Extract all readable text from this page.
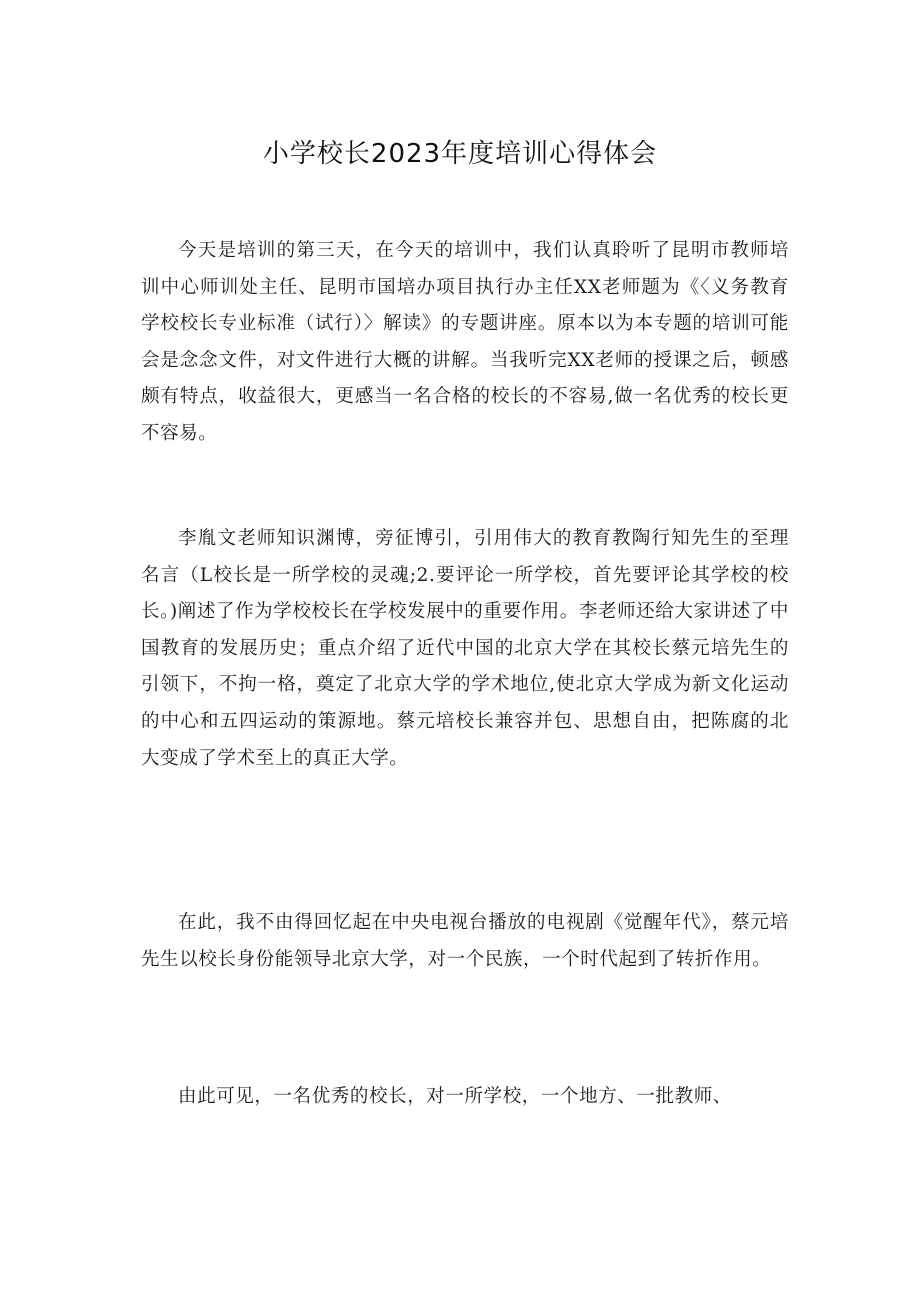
小学校长2023年度培训心得体会

今天是培训的第三天，在今天的培训中，我们认真聆听了昆明市教师培训中心师训处主任、昆明市国培办项目执行办主任XX老师题为《〈义务教育学校校长专业标准（试行）〉解读》的专题讲座。原本以为本专题的培训可能会是念念文件，对文件进行大概的讲解。当我听完XX老师的授课之后，顿感颇有特点，收益很大，更感当一名合格的校长的不容易,做一名优秀的校长更不容易。

李胤文老师知识渊博，旁征博引，引用伟大的教育教陶行知先生的至理名言（L校长是一所学校的灵魂;2.要评论一所学校，首先要评论其学校的校长。)阐述了作为学校校长在学校发展中的重要作用。李老师还给大家讲述了中国教育的发展历史；重点介绍了近代中国的北京大学在其校长蔡元培先生的引领下，不拘一格，奠定了北京大学的学术地位,使北京大学成为新文化运动的中心和五四运动的策源地。蔡元培校长兼容并包、思想自由，把陈腐的北大变成了学术至上的真正大学。

在此，我不由得回忆起在中央电视台播放的电视剧《觉醒年代》，蔡元培先生以校长身份能领导北京大学，对一个民族，一个时代起到了转折作用。

由此可见，一名优秀的校长，对一所学校，一个地方、一批教师、
